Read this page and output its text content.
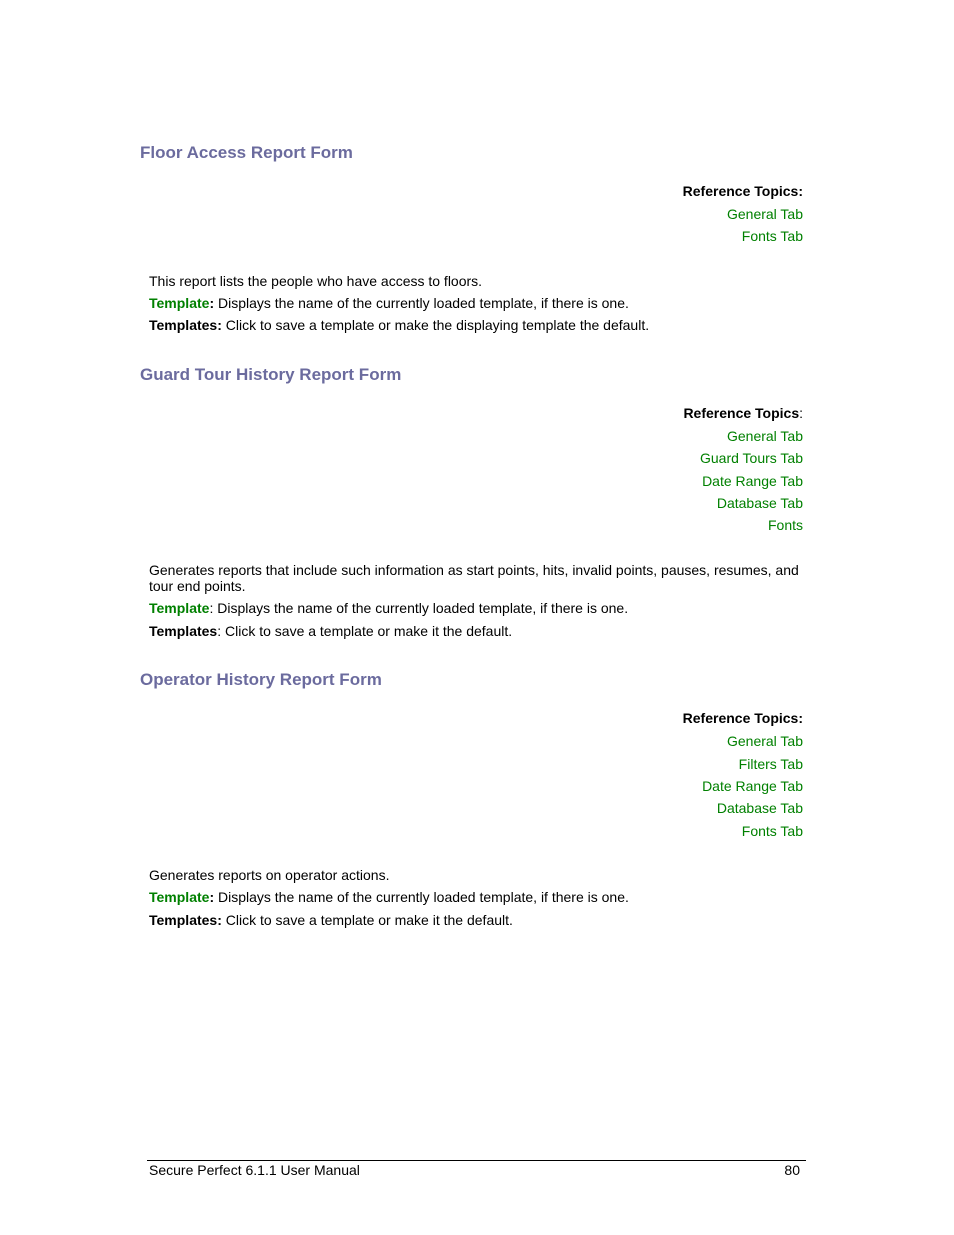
Floor Access Report Form
Reference Topics:
General Tab
Fonts Tab
This report lists the people who have access to floors.
Template: Displays the name of the currently loaded template, if there is one.
Templates: Click to save a template or make the displaying template the default.
Guard Tour History Report Form
Reference Topics:
General Tab
Guard Tours Tab
Date Range Tab
Database Tab
Fonts
Generates reports that include such information as start points, hits, invalid points, pauses, resumes, and tour end points.
Template: Displays the name of the currently loaded template, if there is one.
Templates: Click to save a template or make it the default.
Operator History Report Form
Reference Topics:
General Tab
Filters Tab
Date Range Tab
Database Tab
Fonts Tab
Generates reports on operator actions.
Template: Displays the name of the currently loaded template, if there is one.
Templates: Click to save a template or make it the default.
Secure Perfect 6.1.1 User Manual	80
